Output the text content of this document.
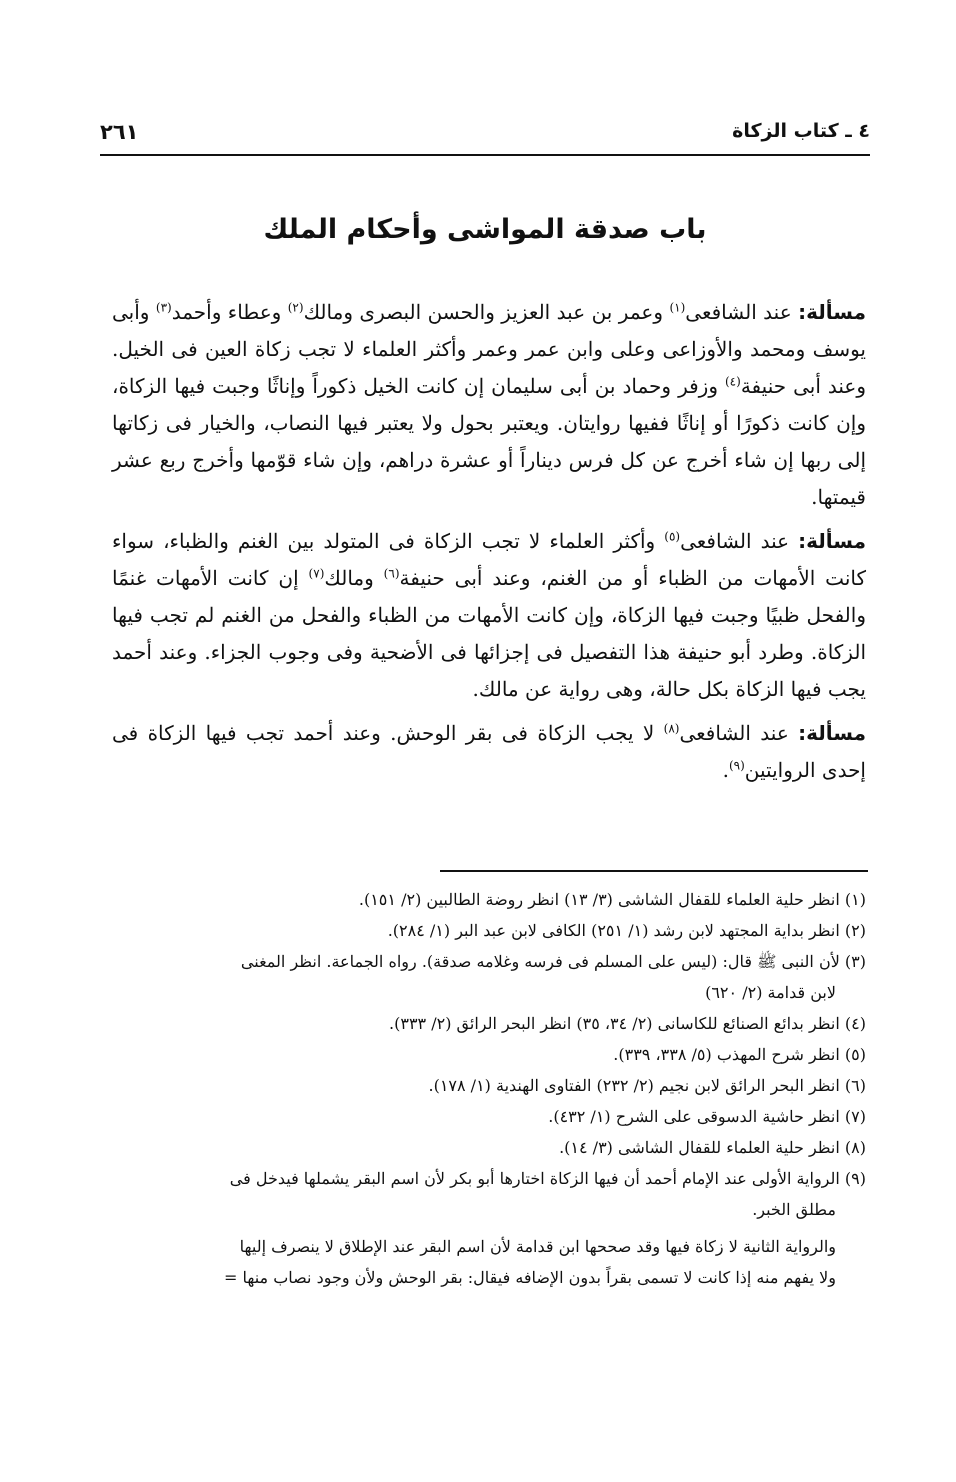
٤ ـ كتاب الزكاة
٢٦١
باب صدقة المواشى وأحكام الملك

مسألة: عند الشافعى$^{(١)}$ وعمر بن عبد العزيز والحسن البصرى ومالك$^{(٢)}$ وعطاء وأحمد$^{(٣)}$ وأبى يوسف ومحمد والأوزاعى وعلى وابن عمر وعمر وأكثر العلماء لا تجب زكاة العين فى الخيل. وعند أبى حنيفة$^{(٤)}$ وزفر وحماد بن أبى سليمان إن كانت الخيل ذكوراً وإناثًا وجبت فيها الزكاة، وإن كانت ذكورًا أو إناثًا ففيها روايتان. ويعتبر بحول ولا يعتبر فيها النصاب، والخيار فى زكاتها إلى ربها إن شاء أخرج عن كل فرس ديناراً أو عشرة دراهم، وإن شاء قوّمها وأخرج ربع عشر قيمتها.

مسألة: عند الشافعى$^{(٥)}$ وأكثر العلماء لا تجب الزكاة فى المتولد بين الغنم والظباء، سواء كانت الأمهات من الظباء أو من الغنم، وعند أبى حنيفة$^{(٦)}$ ومالك$^{(٧)}$ إن كانت الأمهات غنمًا والفحل ظبيًا وجبت فيها الزكاة، وإن كانت الأمهات من الظباء والفحل من الغنم لم تجب فيها الزكاة. وطرد أبو حنيفة هذا التفصيل فى إجزائها فى الأضحية وفى وجوب الجزاء. وعند أحمد يجب فيها الزكاة بكل حالة، وهى رواية عن مالك.

مسألة: عند الشافعى$^{(٨)}$ لا يجب الزكاة فى بقر الوحش. وعند أحمد تجب فيها الزكاة فى إحدى الروايتين$^{(٩)}$.

(١) انظر حلية العلماء للقفال الشاشى (٣/ ١٣) انظر روضة الطالبين (٢/ ١٥١).

(٢) انظر بداية المجتهد لابن رشد (١/ ٢٥١) الكافى لابن عبد البر (١/ ٢٨٤).

(٣) لأن النبى ﷺ قال: (ليس على المسلم فى فرسه وغلامه صدقة). رواه الجماعة. انظر المغنى

لابن قدامة (٢/ ٦٢٠)

(٤) انظر بدائع الصنائع للكاسانى (٢/ ٣٤، ٣٥) انظر البحر الرائق (٢/ ٣٣٣).

(٥) انظر شرح المهذب (٥/ ٣٣٨، ٣٣٩).

(٦) انظر البحر الرائق لابن نجيم (٢/ ٢٣٢) الفتاوى الهندية (١/ ١٧٨).

(٧) انظر حاشية الدسوقى على الشرح (١/ ٤٣٢).

(٨) انظر حلية العلماء للقفال الشاشى (٣/ ١٤).

(٩) الرواية الأولى عند الإمام أحمد أن فيها الزكاة اختارها أبو بكر لأن اسم البقر يشملها فيدخل فى

مطلق الخبر.

والرواية الثانية لا زكاة فيها وقد صححها ابن قدامة لأن اسم البقر عند الإطلاق لا ينصرف إليها

ولا يفهم منه إذا كانت لا تسمى بقراً بدون الإضافه فيقال: بقر الوحش ولأن وجود نصاب منها =
